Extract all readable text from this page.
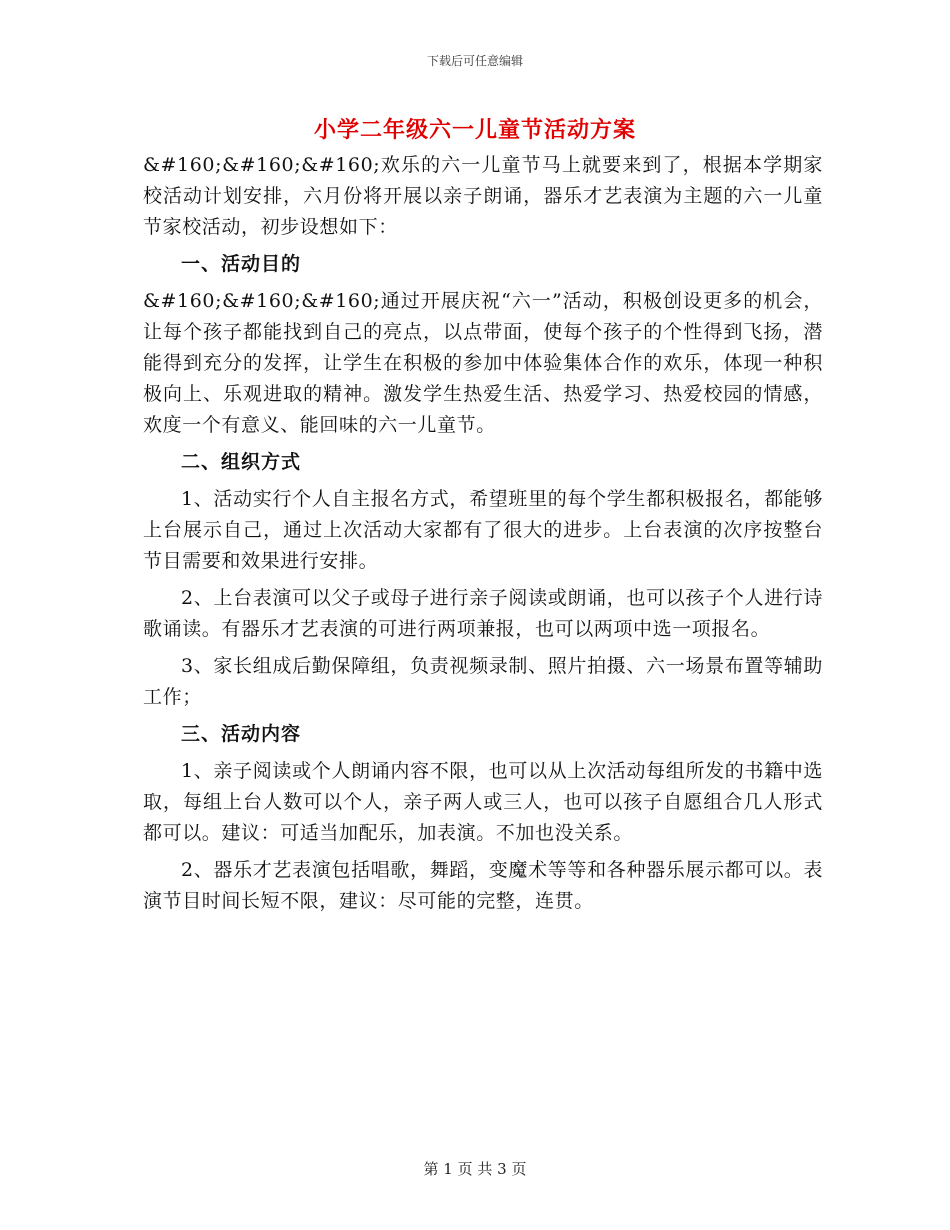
下载后可任意编辑
小学二年级六一儿童节活动方案

&#160;&#160;&#160;欢乐的六一儿童节马上就要来到了，根据本学期家校活动计划安排，六月份将开展以亲子朗诵，器乐才艺表演为主题的六一儿童节家校活动，初步设想如下：

一、活动目的

&#160;&#160;&#160;通过开展庆祝“六一”活动，积极创设更多的机会，让每个孩子都能找到自己的亮点，以点带面，使每个孩子的个性得到飞扬，潜能得到充分的发挥，让学生在积极的参加中体验集体合作的欢乐，体现一种积极向上、乐观进取的精神。激发学生热爱生活、热爱学习、热爱校园的情感，欢度一个有意义、能回味的六一儿童节。

二、组织方式

1、活动实行个人自主报名方式，希望班里的每个学生都积极报名，都能够上台展示自己，通过上次活动大家都有了很大的进步。上台表演的次序按整台节目需要和效果进行安排。

2、上台表演可以父子或母子进行亲子阅读或朗诵，也可以孩子个人进行诗歌诵读。有器乐才艺表演的可进行两项兼报，也可以两项中选一项报名。

3、家长组成后勤保障组，负责视频录制、照片拍摄、六一场景布置等辅助工作；

三、活动内容

1、亲子阅读或个人朗诵内容不限，也可以从上次活动每组所发的书籍中选取，每组上台人数可以个人，亲子两人或三人，也可以孩子自愿组合几人形式都可以。建议：可适当加配乐，加表演。不加也没关系。

2、器乐才艺表演包括唱歌，舞蹈，变魔术等等和各种器乐展示都可以。表演节目时间长短不限，建议：尽可能的完整，连贯。

第 1 页 共 3 页
